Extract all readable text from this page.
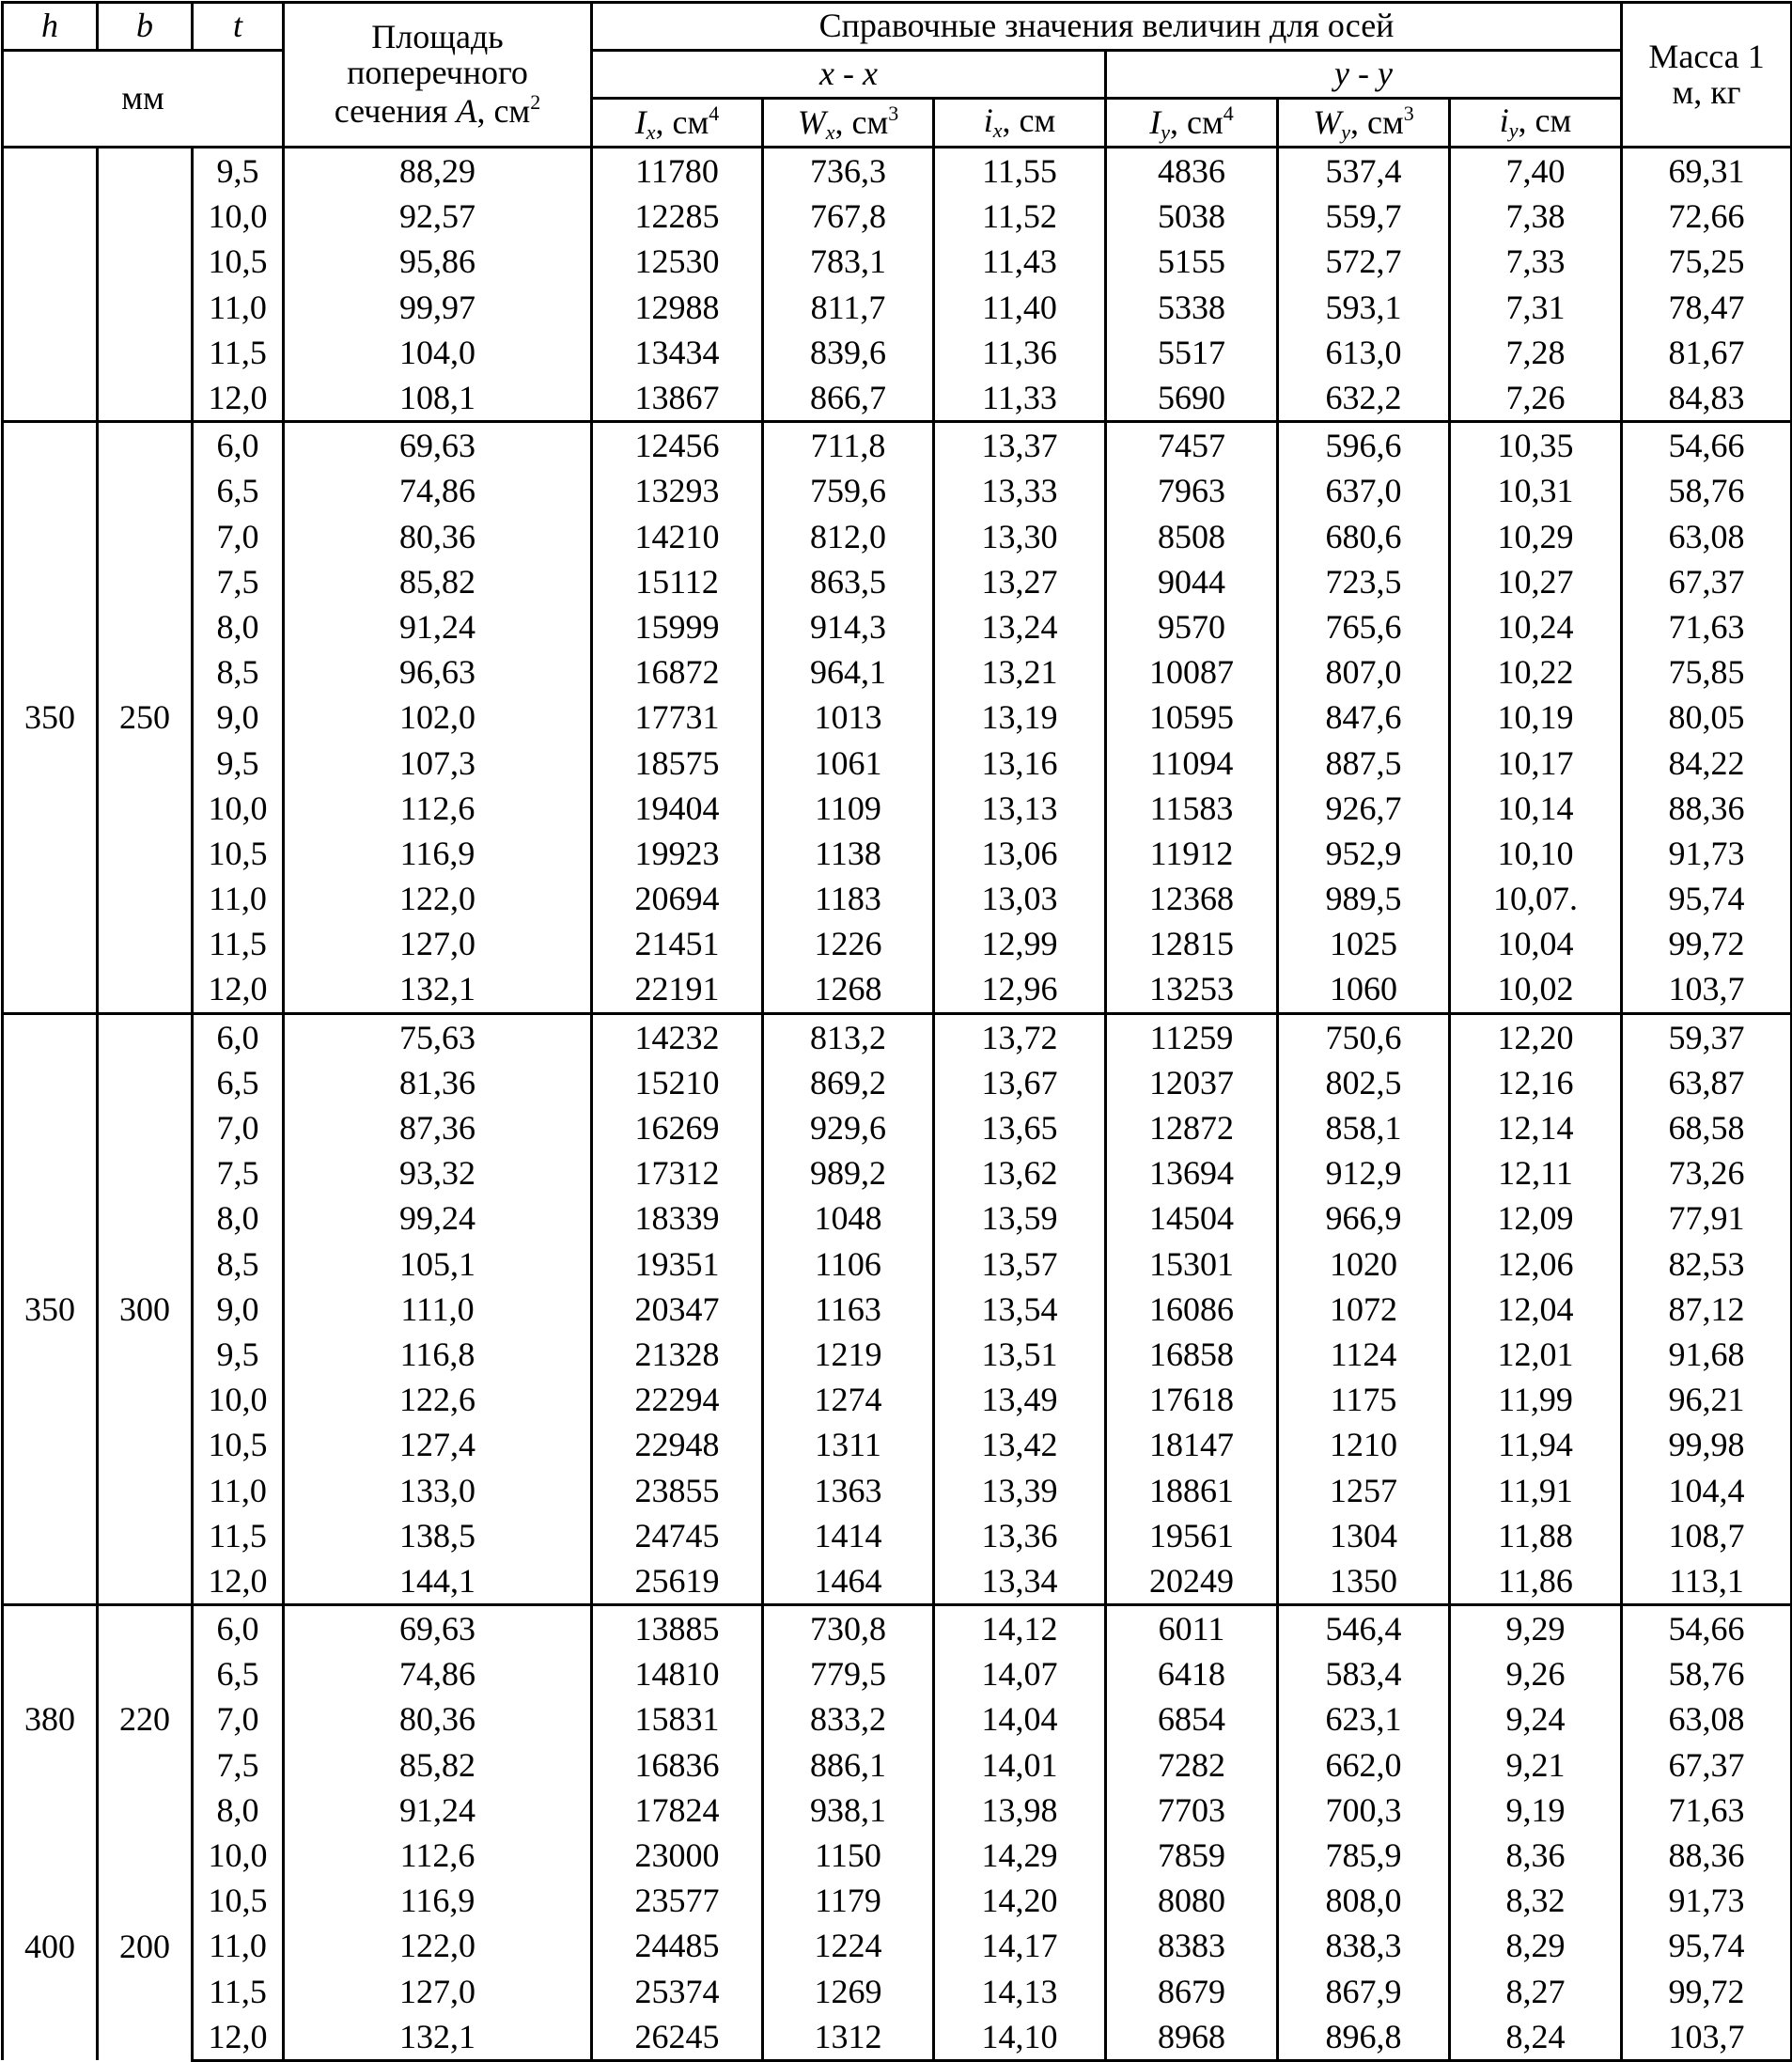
h	b	t	Площадь
поперечного
сечения A, $см^2$	Справочные значения величин для осей						Масса 1
м, кг
мм				x - x			y - y			
				$I_x$, $см^4$	$W_x$, $см^3$	$i_x$, см	$I_y$, $см^4$	$W_y$, $см^3$	$i_y$, см	
		9,5	88,29	11780	736,3	11,55	4836	537,4	7,40	69,31
		10,0	92,57	12285	767,8	11,52	5038	559,7	7,38	72,66
		10,5	95,86	12530	783,1	11,43	5155	572,7	7,33	75,25
		11,0	99,97	12988	811,7	11,40	5338	593,1	7,31	78,47
		11,5	104,0	13434	839,6	11,36	5517	613,0	7,28	81,67
		12,0	108,1	13867	866,7	11,33	5690	632,2	7,26	84,83
350	250	6,0	69,63	12456	711,8	13,37	7457	596,6	10,35	54,66
		6,5	74,86	13293	759,6	13,33	7963	637,0	10,31	58,76
		7,0	80,36	14210	812,0	13,30	8508	680,6	10,29	63,08
		7,5	85,82	15112	863,5	13,27	9044	723,5	10,27	67,37
		8,0	91,24	15999	914,3	13,24	9570	765,6	10,24	71,63
		8,5	96,63	16872	964,1	13,21	10087	807,0	10,22	75,85
		9,0	102,0	17731	1013	13,19	10595	847,6	10,19	80,05
		9,5	107,3	18575	1061	13,16	11094	887,5	10,17	84,22
		10,0	112,6	19404	1109	13,13	11583	926,7	10,14	88,36
		10,5	116,9	19923	1138	13,06	11912	952,9	10,10	91,73
		11,0	122,0	20694	1183	13,03	12368	989,5	10,07.	95,74
		11,5	127,0	21451	1226	12,99	12815	1025	10,04	99,72
		12,0	132,1	22191	1268	12,96	13253	1060	10,02	103,7
350	300	6,0	75,63	14232	813,2	13,72	11259	750,6	12,20	59,37
		6,5	81,36	15210	869,2	13,67	12037	802,5	12,16	63,87
		7,0	87,36	16269	929,6	13,65	12872	858,1	12,14	68,58
		7,5	93,32	17312	989,2	13,62	13694	912,9	12,11	73,26
		8,0	99,24	18339	1048	13,59	14504	966,9	12,09	77,91
		8,5	105,1	19351	1106	13,57	15301	1020	12,06	82,53
		9,0	111,0	20347	1163	13,54	16086	1072	12,04	87,12
		9,5	116,8	21328	1219	13,51	16858	1124	12,01	91,68
		10,0	122,6	22294	1274	13,49	17618	1175	11,99	96,21
		10,5	127,4	22948	1311	13,42	18147	1210	11,94	99,98
		11,0	133,0	23855	1363	13,39	18861	1257	11,91	104,4
		11,5	138,5	24745	1414	13,36	19561	1304	11,88	108,7
		12,0	144,1	25619	1464	13,34	20249	1350	11,86	113,1
380	220	6,0	69,63	13885	730,8	14,12	6011	546,4	9,29	54,66
		6,5	74,86	14810	779,5	14,07	6418	583,4	9,26	58,76
		7,0	80,36	15831	833,2	14,04	6854	623,1	9,24	63,08
		7,5	85,82	16836	886,1	14,01	7282	662,0	9,21	67,37
		8,0	91,24	17824	938,1	13,98	7703	700,3	9,19	71,63
400	200	10,0	112,6	23000	1150	14,29	7859	785,9	8,36	88,36
		10,5	116,9	23577	1179	14,20	8080	808,0	8,32	91,73
		11,0	122,0	24485	1224	14,17	8383	838,3	8,29	95,74
		11,5	127,0	25374	1269	14,13	8679	867,9	8,27	99,72
		12,0	132,1	26245	1312	14,10	8968	896,8	8,24	103,7
